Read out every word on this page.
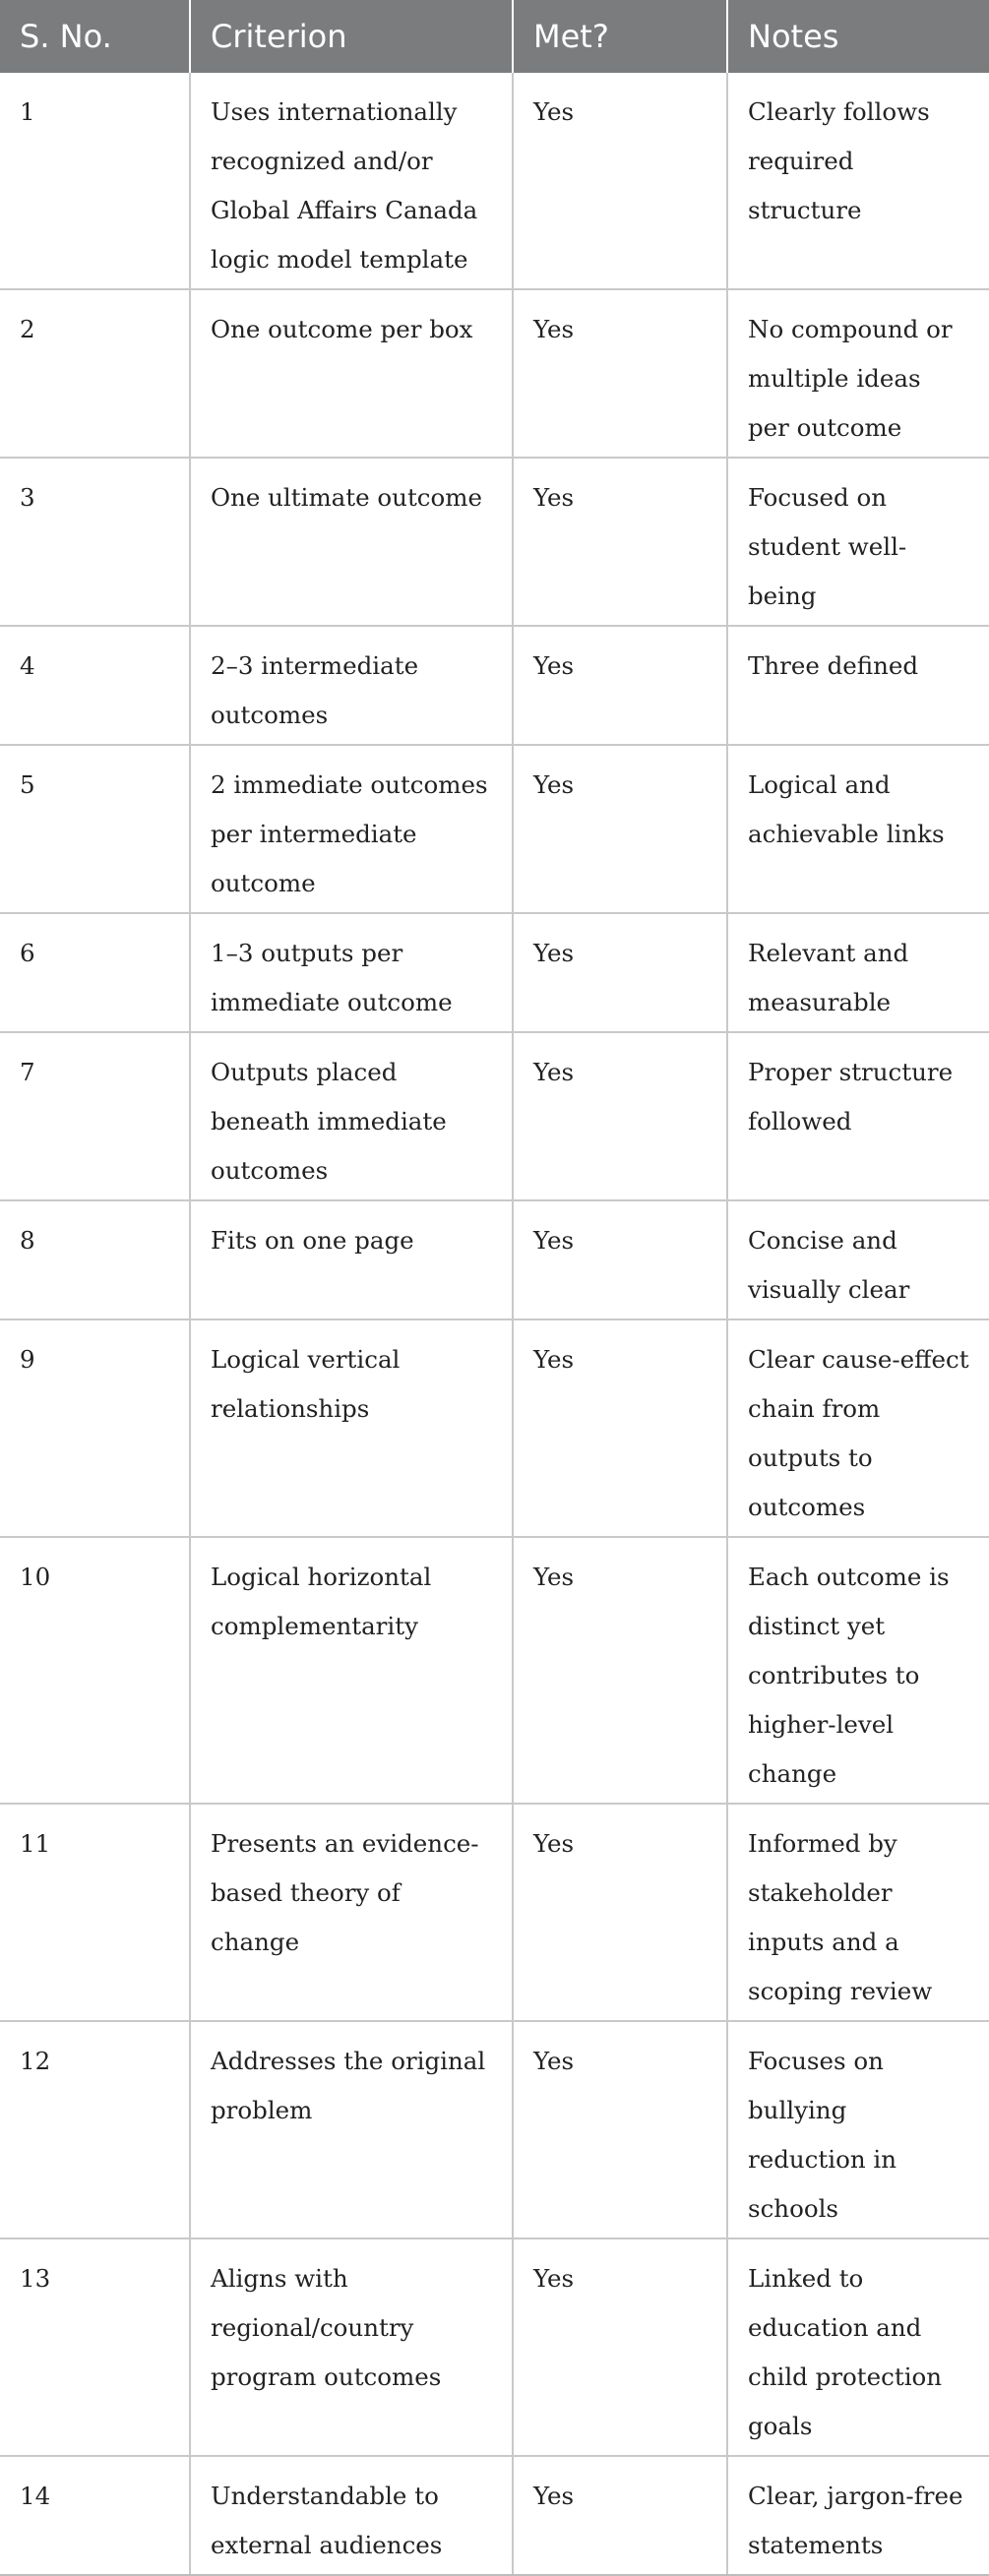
S. No.	Criterion	Met?	Notes
1	Uses internationally recognized and/or Global Affairs Canada logic model template	Yes	Clearly follows required structure
2	One outcome per box	Yes	No compound or multiple ideas per outcome
3	One ultimate outcome	Yes	Focused on student well-being
4	2–3 intermediate outcomes	Yes	Three defined
5	2 immediate outcomes per intermediate outcome	Yes	Logical and achievable links
6	1–3 outputs per immediate outcome	Yes	Relevant and measurable
7	Outputs placed beneath immediate outcomes	Yes	Proper structure followed
8	Fits on one page	Yes	Concise and visually clear
9	Logical vertical relationships	Yes	Clear cause-effect chain from outputs to outcomes
10	Logical horizontal complementarity	Yes	Each outcome is distinct yet contributes to higher-level change
11	Presents an evidence-based theory of change	Yes	Informed by stakeholder inputs and a scoping review
12	Addresses the original problem	Yes	Focuses on bullying reduction in schools
13	Aligns with regional/country program outcomes	Yes	Linked to education and child protection goals
14	Understandable to external audiences	Yes	Clear, jargon-free statements
